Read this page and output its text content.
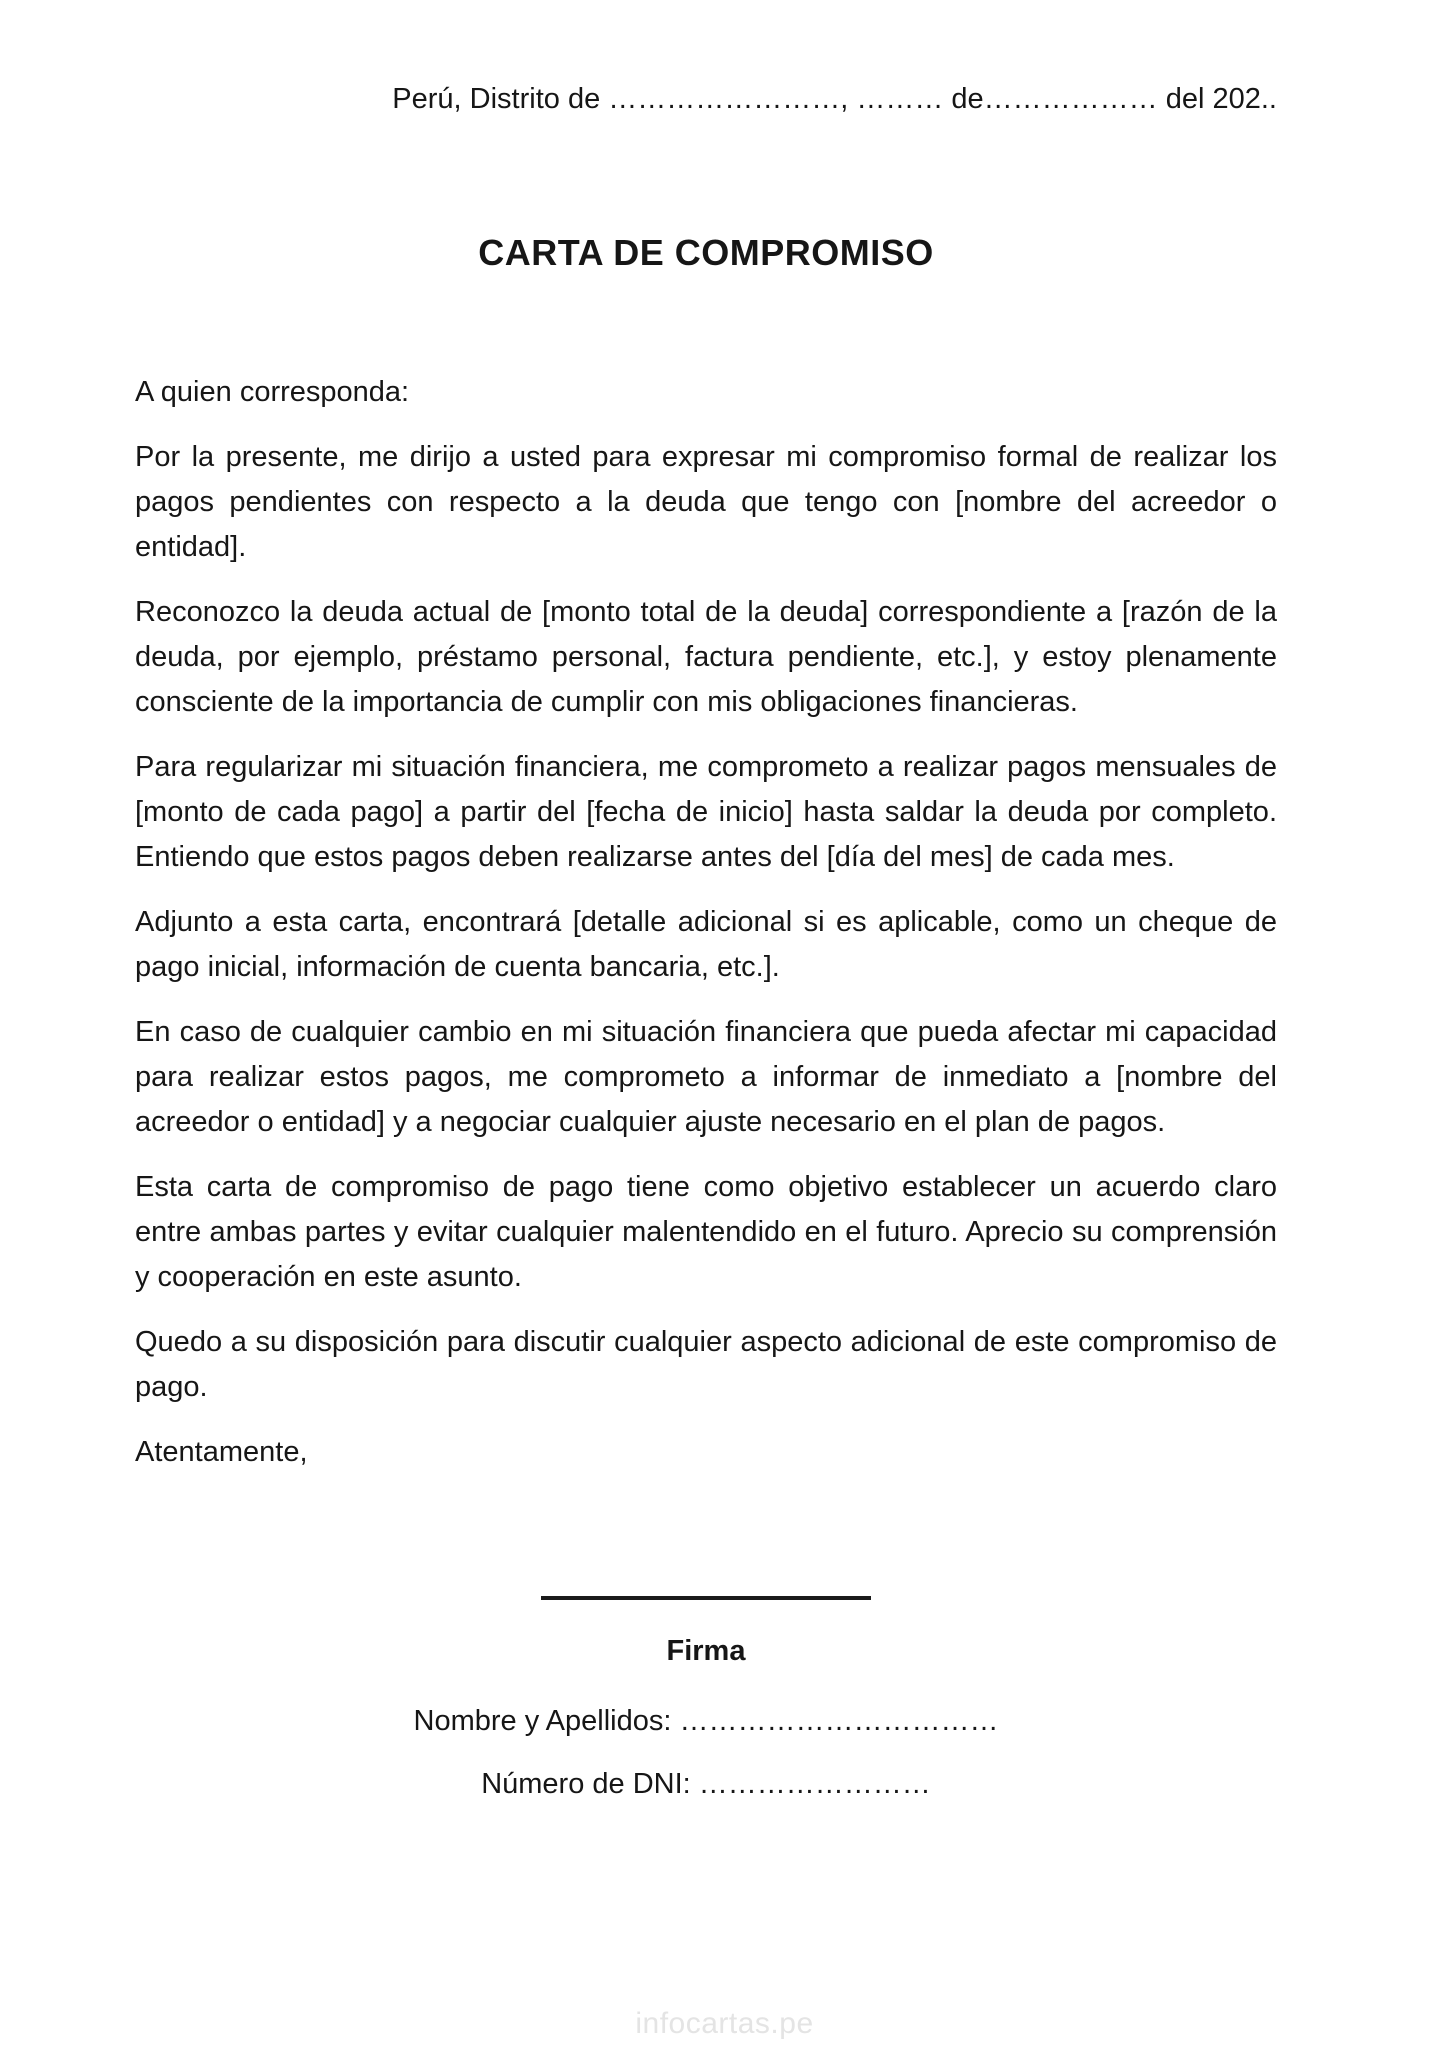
Perú, Distrito de ……………………, ……… de……………… del 202..

CARTA DE COMPROMISO

A quien corresponda:

Por la presente, me dirijo a usted para expresar mi compromiso formal de realizar los pagos pendientes con respecto a la deuda que tengo con [nombre del acreedor o entidad].

Reconozco la deuda actual de [monto total de la deuda] correspondiente a [razón de la deuda, por ejemplo, préstamo personal, factura pendiente, etc.], y estoy plenamente consciente de la importancia de cumplir con mis obligaciones financieras.

Para regularizar mi situación financiera, me comprometo a realizar pagos mensuales de [monto de cada pago] a partir del [fecha de inicio] hasta saldar la deuda por completo. Entiendo que estos pagos deben realizarse antes del [día del mes] de cada mes.

Adjunto a esta carta, encontrará [detalle adicional si es aplicable, como un cheque de pago inicial, información de cuenta bancaria, etc.].

En caso de cualquier cambio en mi situación financiera que pueda afectar mi capacidad para realizar estos pagos, me comprometo a informar de inmediato a [nombre del acreedor o entidad] y a negociar cualquier ajuste necesario en el plan de pagos.

Esta carta de compromiso de pago tiene como objetivo establecer un acuerdo claro entre ambas partes y evitar cualquier malentendido en el futuro. Aprecio su comprensión y cooperación en este asunto.

Quedo a su disposición para discutir cualquier aspecto adicional de este compromiso de pago.

Atentamente,

Firma

Nombre y Apellidos: ……………………………

Número de DNI: ……………………

infocartas.pe
